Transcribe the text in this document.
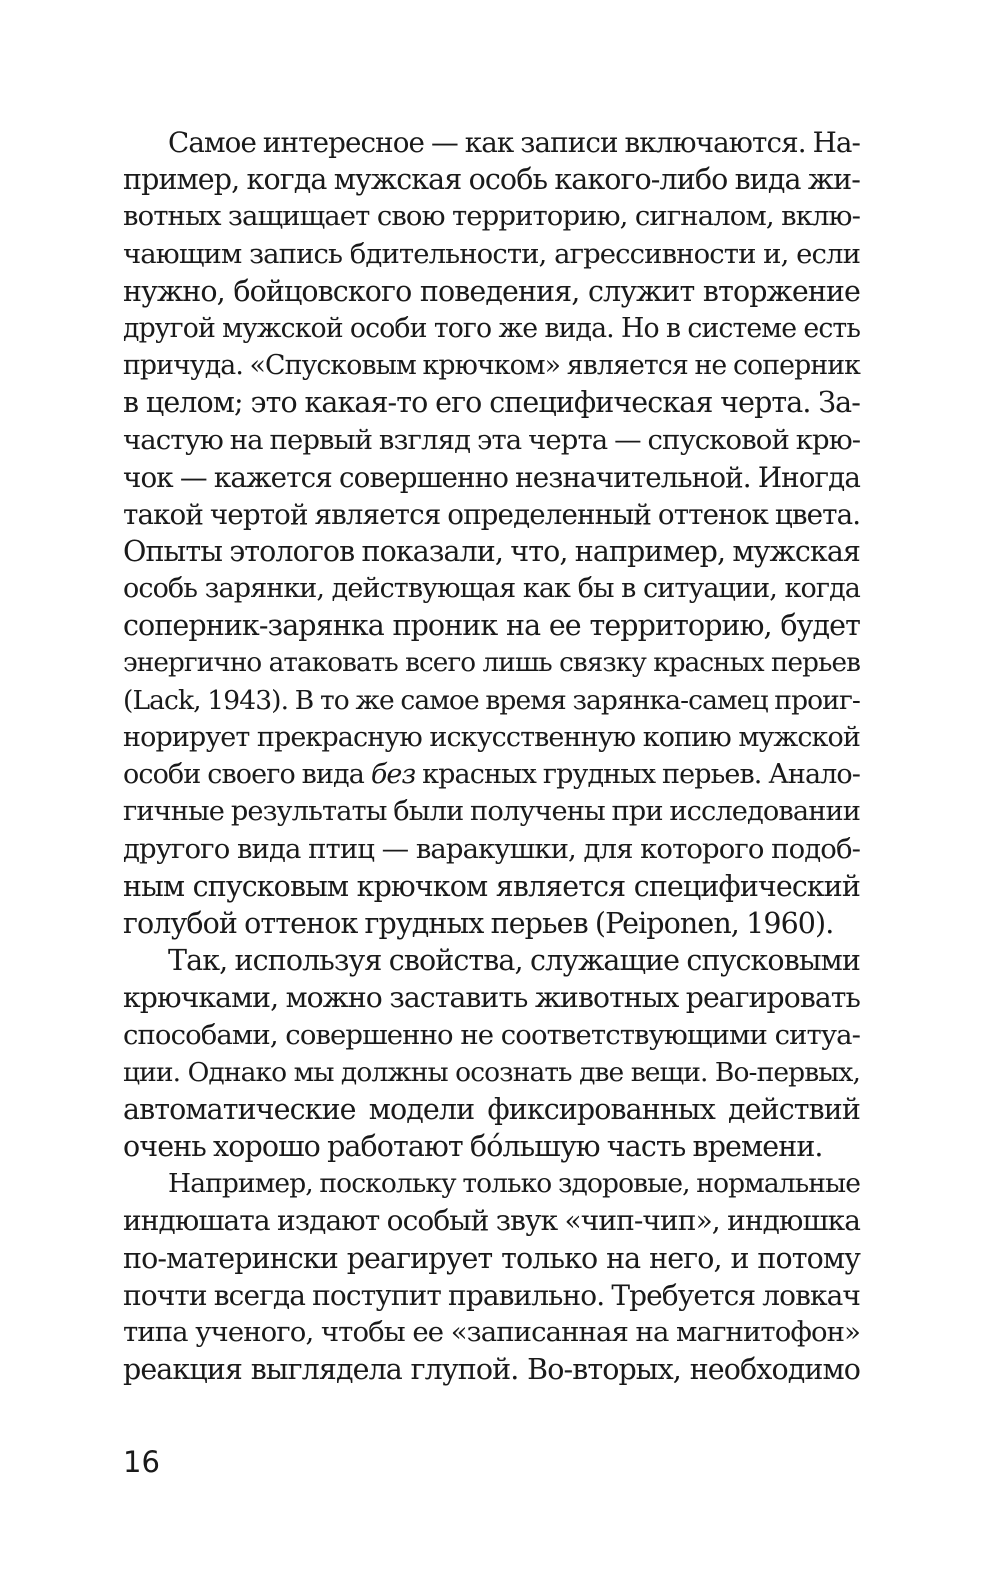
Самое интересное — как записи включаются. На-
пример, когда мужская особь какого-либо вида жи-
вотных защищает свою территорию, сигналом, вклю-
чающим запись бдительности, агрессивности и, если
нужно, бойцовского поведения, служит вторжение
другой мужской особи того же вида. Но в системе есть
причуда. «Спусковым крючком» является не соперник
в целом; это какая-то его специфическая черта. За-
частую на первый взгляд эта черта — спусковой крю-
чок — кажется совершенно незначительной. Иногда
такой чертой является определенный оттенок цвета.
Опыты этологов показали, что, например, мужская
особь зарянки, действующая как бы в ситуации, когда
соперник-зарянка проник на ее территорию, будет
энергично атаковать всего лишь связку красных перьев
(Lack, 1943). В то же самое время зарянка-самец проиг-
норирует прекрасную искусственную копию мужской
особи своего вида без красных грудных перьев. Анало-
гичные результаты были получены при исследовании
другого вида птиц — варакушки, для которого подоб-
ным спусковым крючком является специфический
голубой оттенок грудных перьев (Peiponen, 1960).
Так, используя свойства, служащие спусковыми
крючками, можно заставить животных реагировать
способами, совершенно не соответствующими ситуа-
ции. Однако мы должны осознать две вещи. Во-первых,
автоматические модели фиксированных действий
очень хорошо работают бóльшую часть времени.
Например, поскольку только здоровые, нормальные
индюшата издают особый звук «чип-чип», индюшка
по-матерински реагирует только на него, и потому
почти всегда поступит правильно. Требуется ловкач
типа ученого, чтобы ее «записанная на магнитофон»
реакция выглядела глупой. Во-вторых, необходимо
16
